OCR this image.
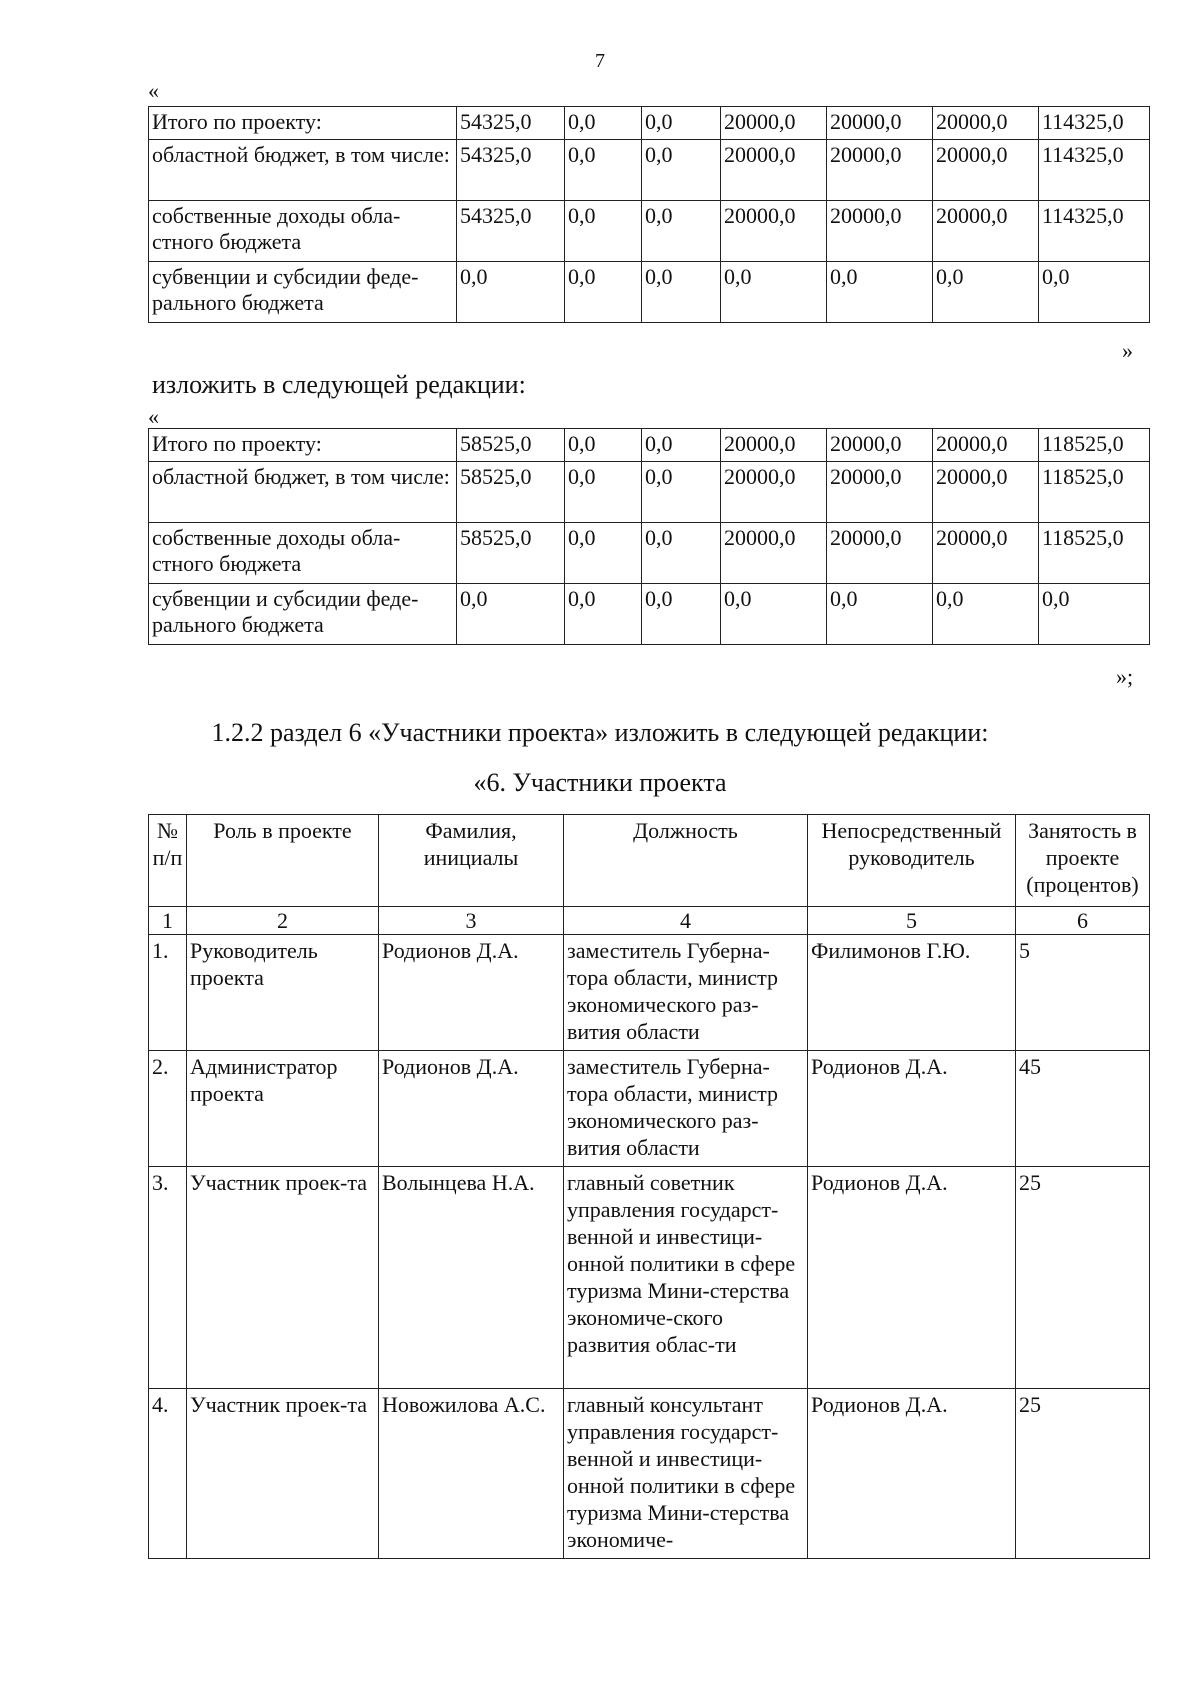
7
«
Итого по проекту:	54325,0	0,0	0,0	20000,0	20000,0	20000,0	114325,0
областной бюджет, в том числе:	54325,0	0,0	0,0	20000,0	20000,0	20000,0	114325,0
собственные доходы обла-стного бюджета	54325,0	0,0	0,0	20000,0	20000,0	20000,0	114325,0
субвенции и субсидии феде-рального бюджета	0,0	0,0	0,0	0,0	0,0	0,0	0,0
»
изложить в следующей редакции:
«
Итого по проекту:	58525,0	0,0	0,0	20000,0	20000,0	20000,0	118525,0
областной бюджет, в том числе:	58525,0	0,0	0,0	20000,0	20000,0	20000,0	118525,0
собственные доходы обла-стного бюджета	58525,0	0,0	0,0	20000,0	20000,0	20000,0	118525,0
субвенции и субсидии феде-рального бюджета	0,0	0,0	0,0	0,0	0,0	0,0	0,0
»;
1.2.2 раздел 6 «Участники проекта» изложить в следующей редакции:
«6. Участники проекта
№ п/п	Роль в проекте	Фамилия, инициалы	Должность	Непосредственный руководитель	Занятость в проекте (процентов)
1	2	3	4	5	6
1.	Руководитель проекта	Родионов Д.А.	заместитель Губерна-тора области, министр экономического раз-вития области	Филимонов Г.Ю.	5
2.	Администратор проекта	Родионов Д.А.	заместитель Губерна-тора области, министр экономического раз-вития области	Родионов Д.А.	45
3.	Участник проек-та	Волынцева Н.А.	главный советник управления государст-венной и инвестици-онной политики в сфере туризма Мини-стерства экономиче-ского развития облас-ти	Родионов Д.А.	25
4.	Участник проек-та	Новожилова А.С.	главный консультант управления государст-венной и инвестици-онной политики в сфере туризма Мини-стерства экономиче-	Родионов Д.А.	25
